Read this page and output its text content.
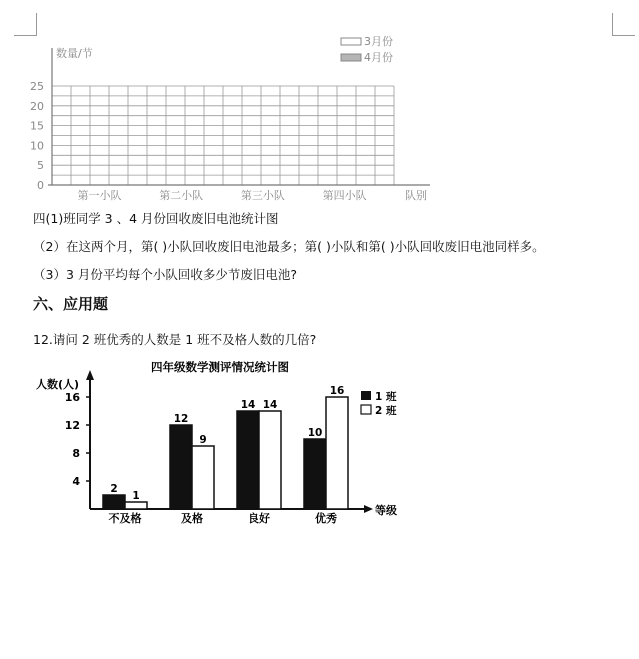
数量/节
3月份
4月份
25
20
15
10
5
0
第一小队	第二小队	第三小队	第四小队	队别
四(1)班同学 3 、4 月份回收废旧电池统计图
（2）在这两个月，第( )小队回收废旧电池最多；第( )小队和第( )小队回收废旧电池同样多。
（3）3 月份平均每个小队回收多少节废旧电池?
六、应用题
12.请问 2 班优秀的人数是 1 班不及格人数的几倍?
四年级数学测评情况统计图
人数(人)
16
12
8
4
2
1
12
9
14 14
10
16
不及格	及格	良好	优秀
1 班
2 班
等级
